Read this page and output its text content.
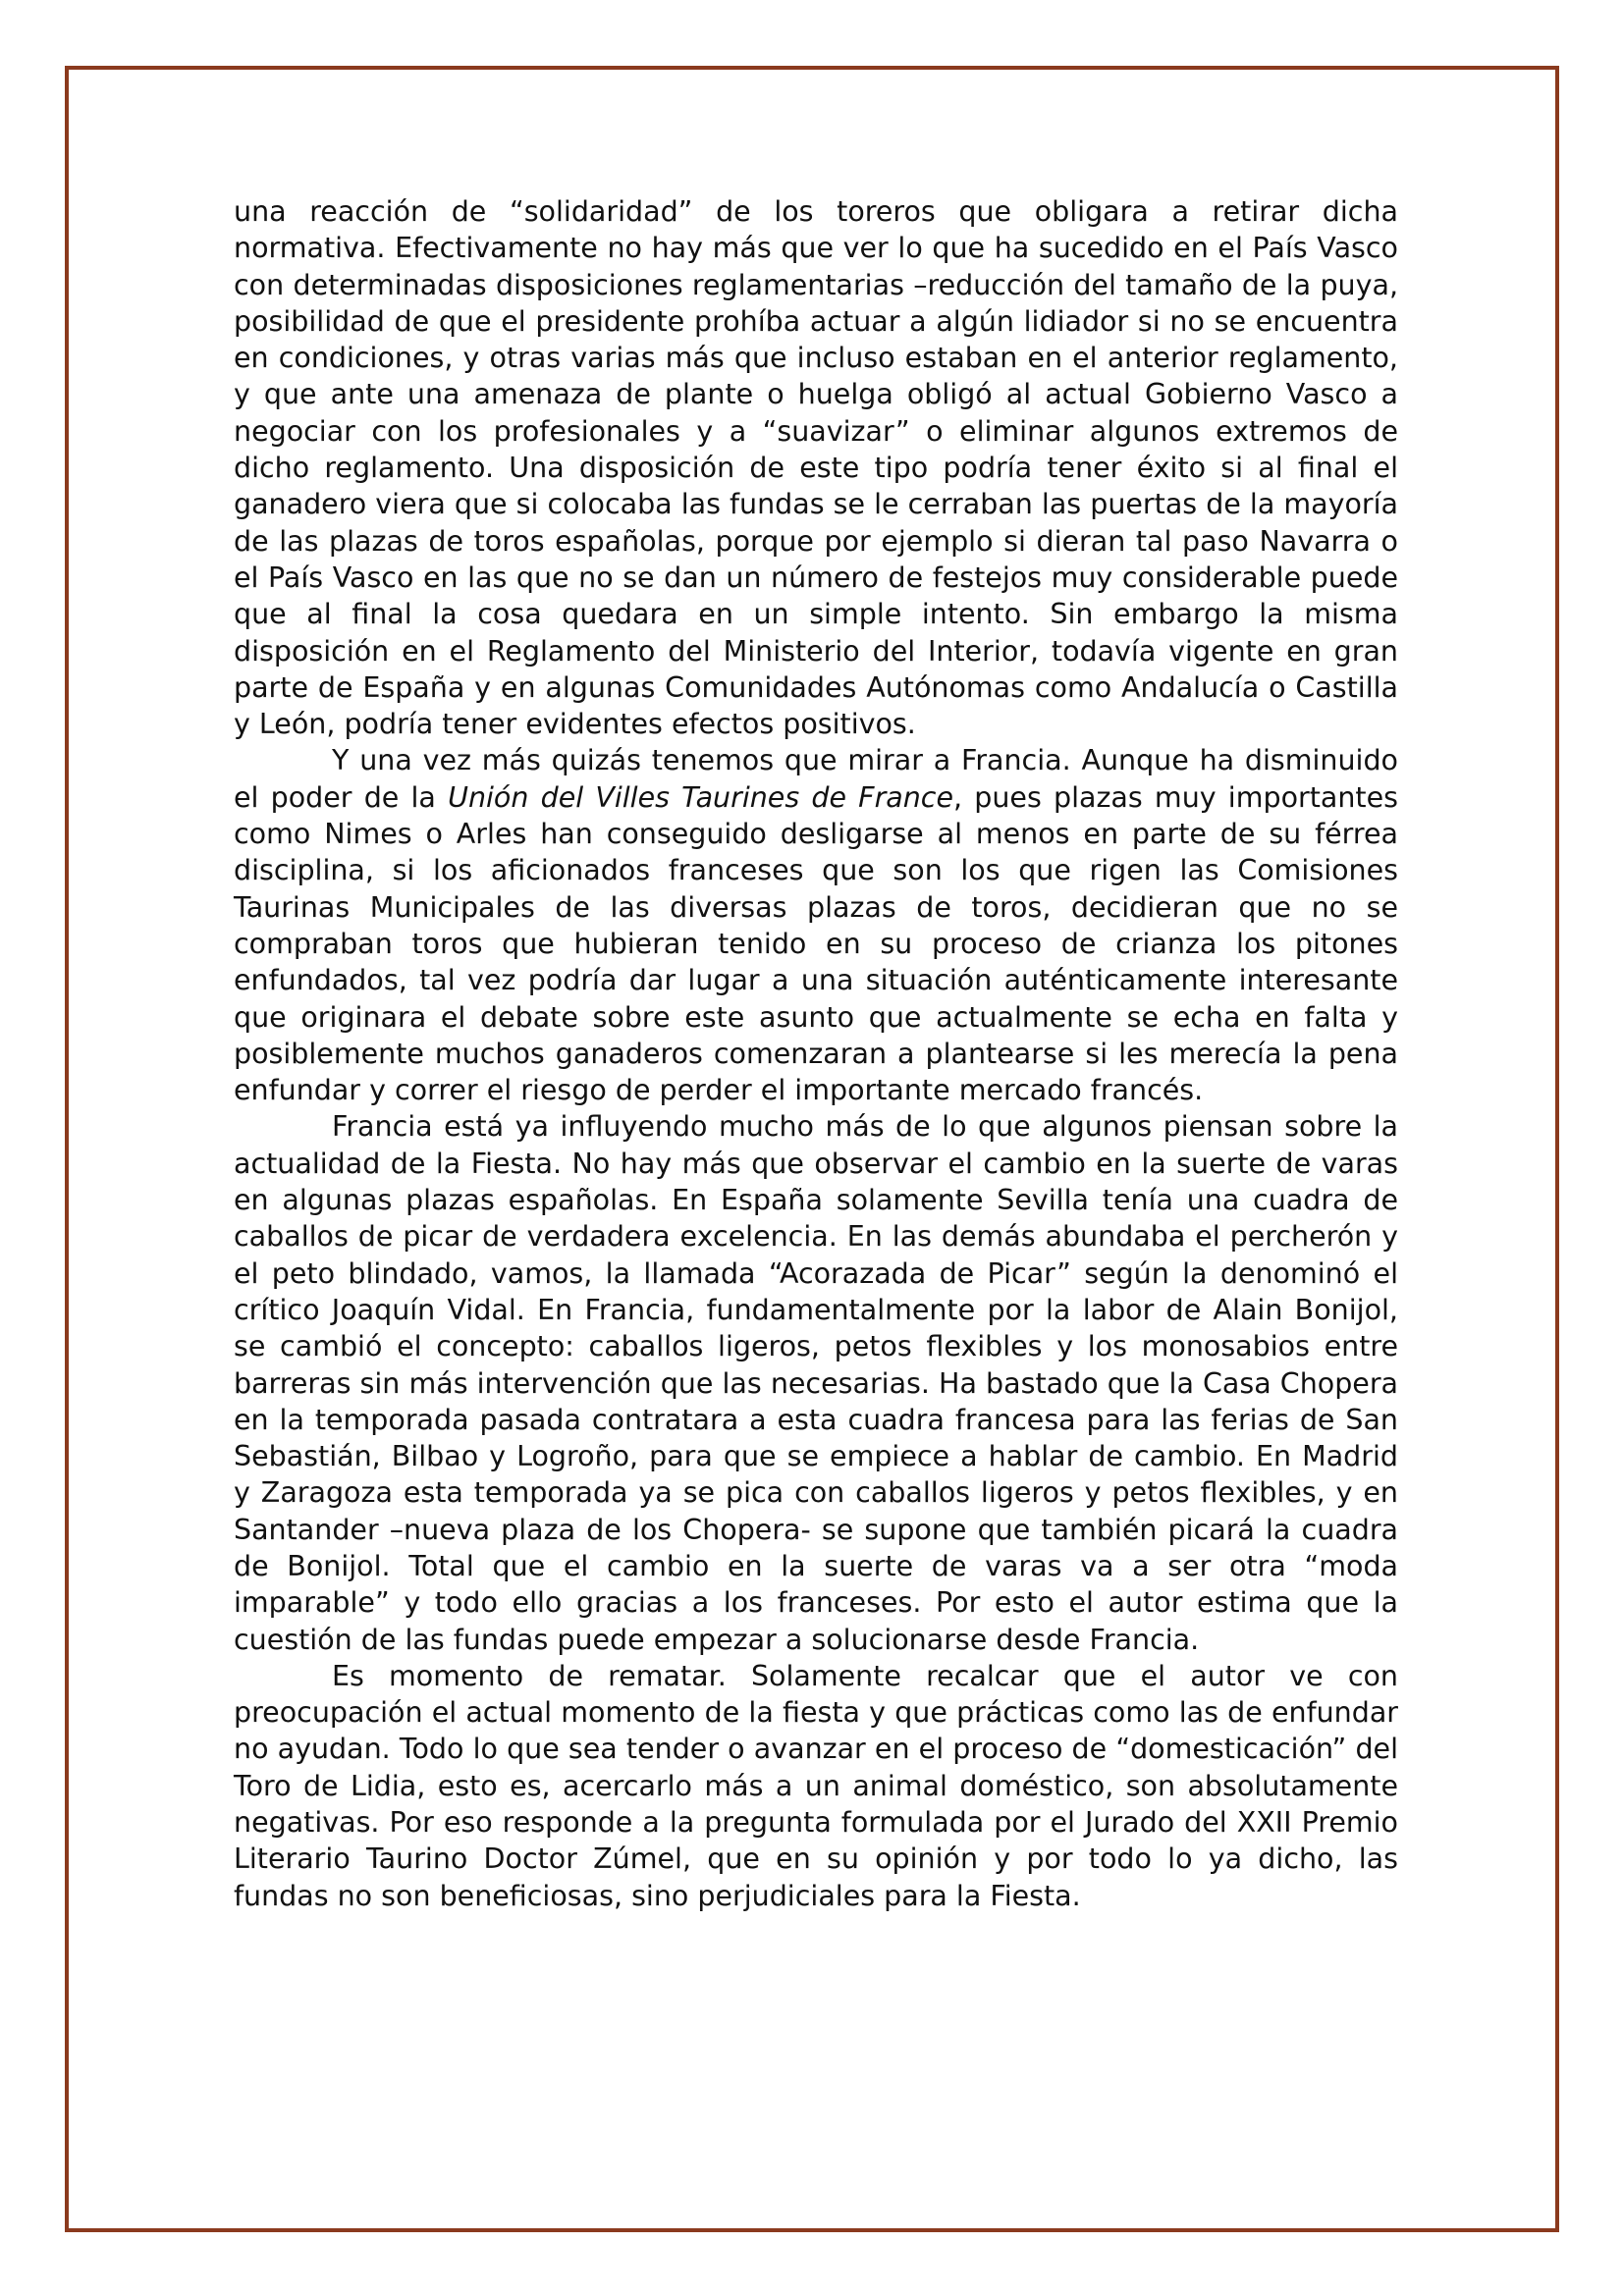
una reacción de “solidaridad” de los toreros que obligara a retirar dicha normativa. Efectivamente no hay más que ver lo que ha sucedido en el País Vasco con determinadas disposiciones reglamentarias –reducción del tamaño de la puya, posibilidad de que el presidente prohíba actuar a algún lidiador si no se encuentra en condiciones, y otras varias más que incluso estaban en el anterior reglamento, y que ante una amenaza de plante o huelga obligó al actual Gobierno Vasco a negociar con los profesionales y a “suavizar” o eliminar algunos extremos de dicho reglamento. Una disposición de este tipo podría tener éxito si al final el ganadero viera que si colocaba las fundas se le cerraban las puertas de la mayoría de las plazas de toros españolas, porque por ejemplo si dieran tal paso Navarra o el País Vasco en las que no se dan un número de festejos muy considerable puede que al final la cosa quedara en un simple intento. Sin embargo la misma disposición en el Reglamento del Ministerio del Interior, todavía vigente en gran parte de España y en algunas Comunidades Autónomas como Andalucía o Castilla y León, podría tener evidentes efectos positivos.

Y una vez más quizás tenemos que mirar a Francia. Aunque ha disminuido el poder de la Unión del Villes Taurines de France, pues plazas muy importantes como Nimes o Arles han conseguido desligarse al menos en parte de su férrea disciplina, si los aficionados franceses que son los que rigen las Comisiones Taurinas Municipales de las diversas plazas de toros, decidieran que no se compraban toros que hubieran tenido en su proceso de crianza los pitones enfundados, tal vez podría dar lugar a una situación auténticamente interesante que originara el debate sobre este asunto que actualmente se echa en falta y posiblemente muchos ganaderos comenzaran a plantearse si les merecía la pena enfundar y correr el riesgo de perder el importante mercado francés.

Francia está ya influyendo mucho más de lo que algunos piensan sobre la actualidad de la Fiesta. No hay más que observar el cambio en la suerte de varas en algunas plazas españolas. En España solamente Sevilla tenía una cuadra de caballos de picar de verdadera excelencia. En las demás abundaba el percherón y el peto blindado, vamos, la llamada “Acorazada de Picar” según la denominó el crítico Joaquín Vidal. En Francia, fundamentalmente por la labor de Alain Bonijol, se cambió el concepto: caballos ligeros, petos flexibles y los monosabios entre barreras sin más intervención que las necesarias. Ha bastado que la Casa Chopera en la temporada pasada contratara a esta cuadra francesa para las ferias de San Sebastián, Bilbao y Logroño, para que se empiece a hablar de cambio. En Madrid y Zaragoza esta temporada ya se pica con caballos ligeros y petos flexibles, y en Santander –nueva plaza de los Chopera- se supone que también picará la cuadra de Bonijol. Total que el cambio en la suerte de varas va a ser otra “moda imparable” y todo ello gracias a los franceses. Por esto el autor estima que la cuestión de las fundas puede empezar a solucionarse desde Francia.

Es momento de rematar. Solamente recalcar que el autor ve con preocupación el actual momento de la fiesta y que prácticas como las de enfundar no ayudan. Todo lo que sea tender o avanzar en el proceso de “domesticación” del Toro de Lidia, esto es, acercarlo más a un animal doméstico, son absolutamente negativas. Por eso responde a la pregunta formulada por el Jurado del XXII Premio Literario Taurino Doctor Zúmel, que en su opinión y por todo lo ya dicho, las fundas no son beneficiosas, sino perjudiciales para la Fiesta.
